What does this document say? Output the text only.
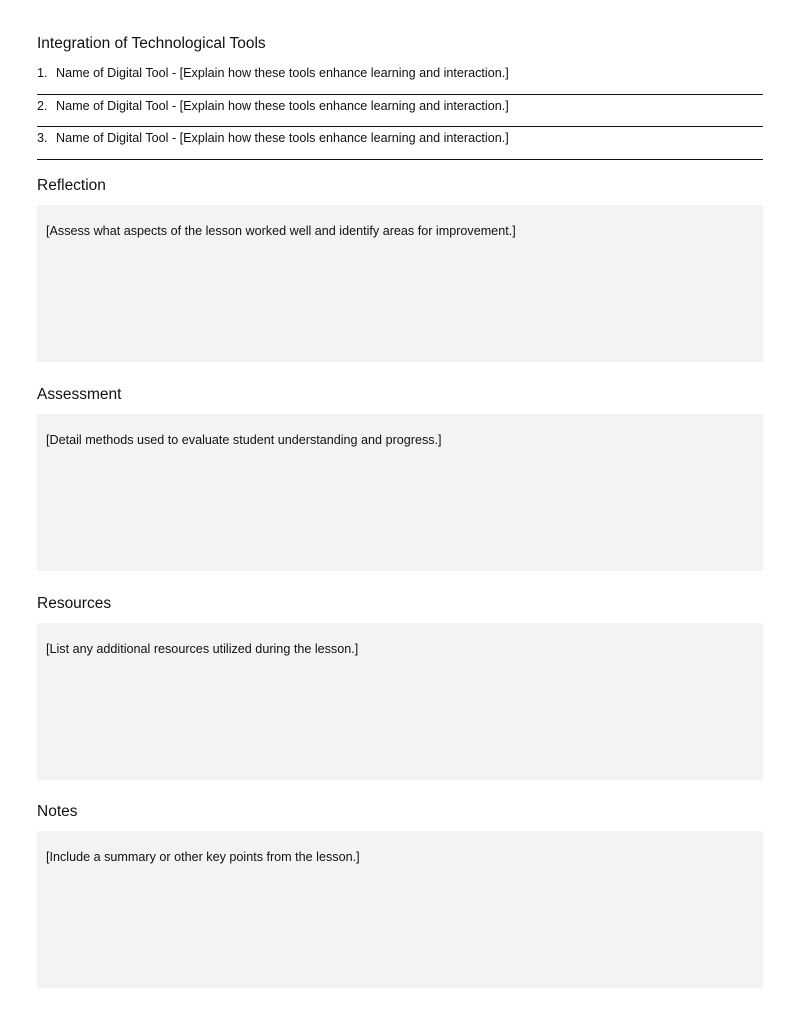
Integration of Technological Tools
1. Name of Digital Tool - [Explain how these tools enhance learning and interaction.]
2. Name of Digital Tool - [Explain how these tools enhance learning and interaction.]
3. Name of Digital Tool - [Explain how these tools enhance learning and interaction.]
Reflection
[Assess what aspects of the lesson worked well and identify areas for improvement.]
Assessment
[Detail methods used to evaluate student understanding and progress.]
Resources
[List any additional resources utilized during the lesson.]
Notes
[Include a summary or other key points from the lesson.]
